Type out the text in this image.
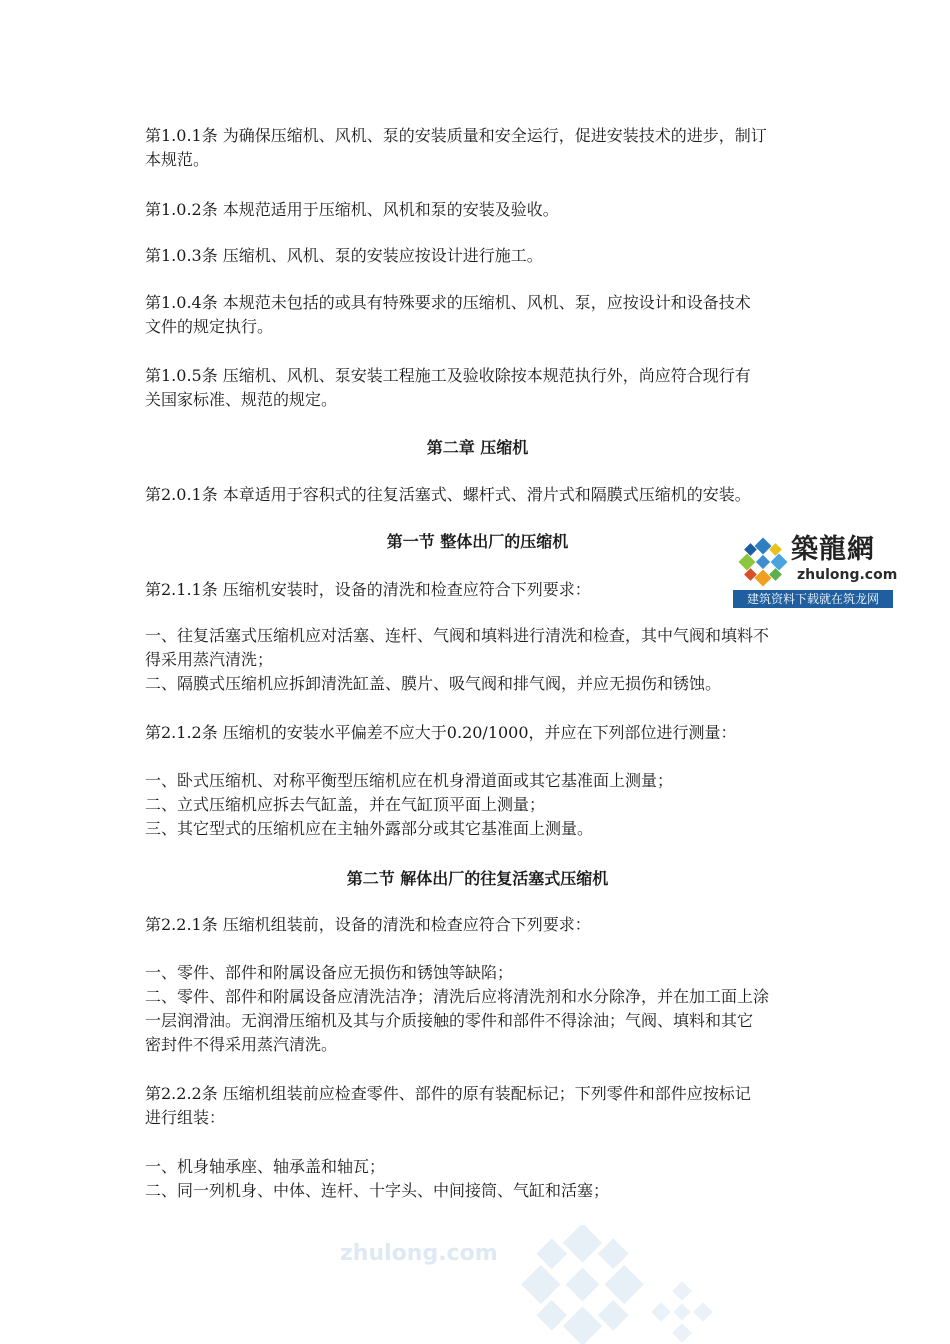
第1.0.1条 为确保压缩机、风机、泵的安装质量和安全运行，促进安装技术的进步，制订
本规范。
第1.0.2条 本规范适用于压缩机、风机和泵的安装及验收。
第1.0.3条 压缩机、风机、泵的安装应按设计进行施工。
第1.0.4条 本规范未包括的或具有特殊要求的压缩机、风机、泵，应按设计和设备技术
文件的规定执行。
第1.0.5条 压缩机、风机、泵安装工程施工及验收除按本规范执行外，尚应符合现行有
关国家标准、规范的规定。
第二章 压缩机
第2.0.1条 本章适用于容积式的往复活塞式、螺杆式、滑片式和隔膜式压缩机的安装。
第一节 整体出厂的压缩机
第2.1.1条 压缩机安装时，设备的清洗和检查应符合下列要求：
一、往复活塞式压缩机应对活塞、连杆、气阀和填料进行清洗和检查，其中气阀和填料不
得采用蒸汽清洗；
二、隔膜式压缩机应拆卸清洗缸盖、膜片、吸气阀和排气阀，并应无损伤和锈蚀。
第2.1.2条 压缩机的安装水平偏差不应大于0.20/1000，并应在下列部位进行测量：
一、卧式压缩机、对称平衡型压缩机应在机身滑道面或其它基准面上测量；
二、立式压缩机应拆去气缸盖，并在气缸顶平面上测量；
三、其它型式的压缩机应在主轴外露部分或其它基准面上测量。
第二节 解体出厂的往复活塞式压缩机
第2.2.1条 压缩机组装前，设备的清洗和检查应符合下列要求：
一、零件、部件和附属设备应无损伤和锈蚀等缺陷；
二、零件、部件和附属设备应清洗洁净；清洗后应将清洗剂和水分除净，并在加工面上涂
一层润滑油。无润滑压缩机及其与介质接触的零件和部件不得涂油；气阀、填料和其它
密封件不得采用蒸汽清洗。
第2.2.2条 压缩机组装前应检查零件、部件的原有装配标记；下列零件和部件应按标记
进行组装：
一、机身轴承座、轴承盖和轴瓦；
二、同一列机身、中体、连杆、十字头、中间接筒、气缸和活塞；
築龍網
zhulong.com
建筑资料下载就在筑龙网
zhulong.com
